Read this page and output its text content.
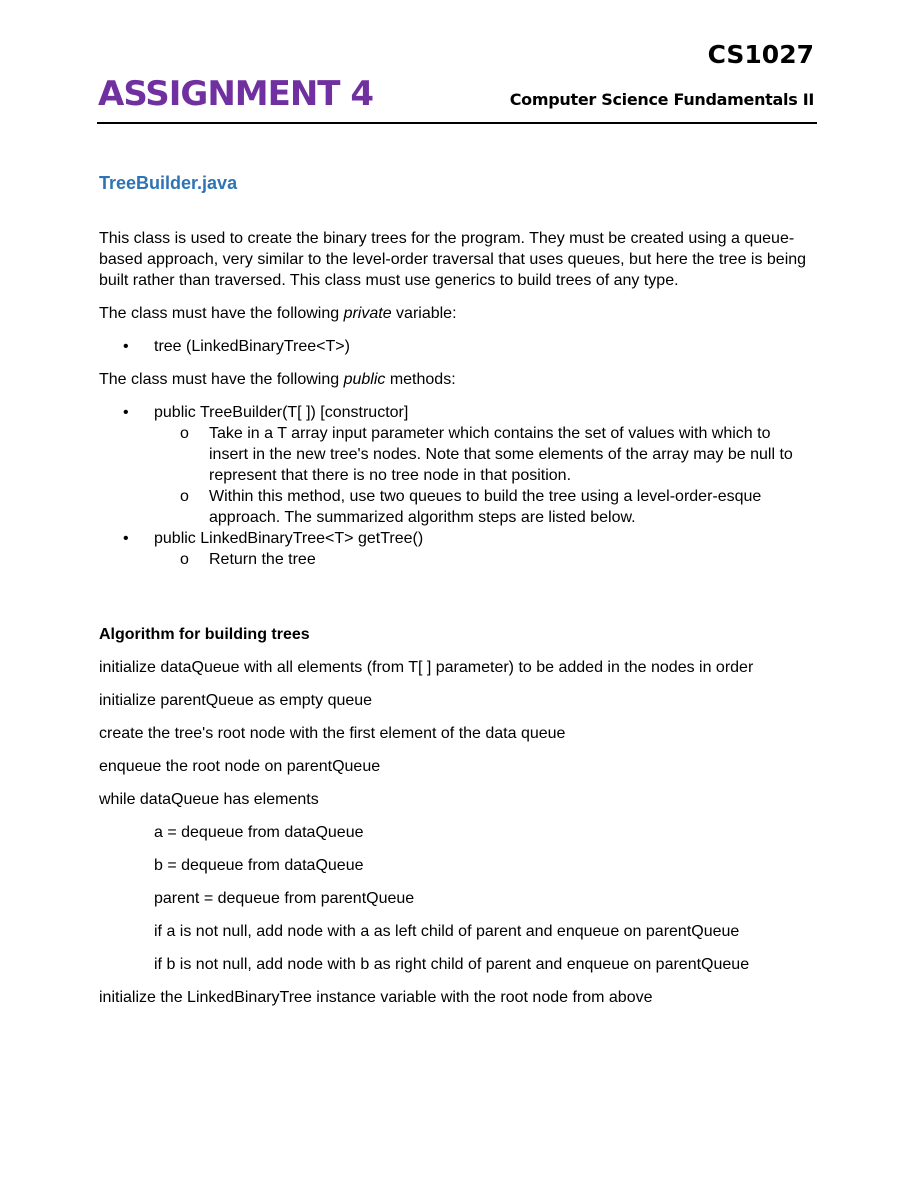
CS1027
ASSIGNMENT 4	Computer Science Fundamentals II
TreeBuilder.java

This class is used to create the binary trees for the program. They must be created using a queue-based approach, very similar to the level-order traversal that uses queues, but here the tree is being built rather than traversed. This class must use generics to build trees of any type.

The class must have the following private variable:

• tree (LinkedBinaryTree<T>)

The class must have the following public methods:

• public TreeBuilder(T[ ]) [constructor]
o Take in a T array input parameter which contains the set of values with which to insert in the new tree's nodes. Note that some elements of the array may be null to represent that there is no tree node in that position.
o Within this method, use two queues to build the tree using a level-order-esque approach. The summarized algorithm steps are listed below.
• public LinkedBinaryTree<T> getTree()
o Return the tree
Algorithm for building trees
initialize dataQueue with all elements (from T[ ] parameter) to be added in the nodes in order
initialize parentQueue as empty queue
create the tree's root node with the first element of the data queue
enqueue the root node on parentQueue
while dataQueue has elements
a = dequeue from dataQueue
b = dequeue from dataQueue
parent = dequeue from parentQueue
if a is not null, add node with a as left child of parent and enqueue on parentQueue
if b is not null, add node with b as right child of parent and enqueue on parentQueue
initialize the LinkedBinaryTree instance variable with the root node from above
